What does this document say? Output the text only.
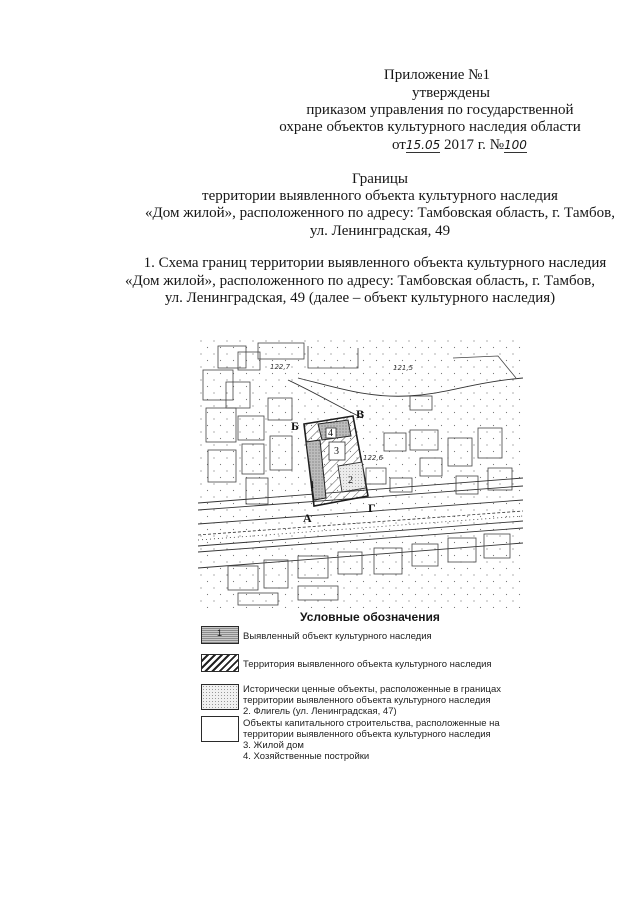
Приложение №1
утверждены
приказом управления по государственной
охране объектов культурного наследия области
от15.05 2017 г. №100
Границы
территории выявленного объекта культурного наследия
«Дом жилой», расположенного по адресу: Тамбовская область, г. Тамбов,
ул. Ленинградская, 49
1. Схема границ территории выявленного объекта культурного наследия
«Дом жилой», расположенного по адресу: Тамбовская область, г. Тамбов,
ул. Ленинградская, 49 (далее – объект культурного наследия)
122,7	121,5
122,6
1	2
3
4
Б
В
А
Г
Условные обозначения
1 Выявленный объект культурного наследия
Территория выявленного объекта культурного наследия
Исторически ценные объекты, расположенные в границах
территории выявленного объекта культурного наследия
2. Флигель (ул. Ленинградская, 47)
Объекты капитального строительства, расположенные на
территории выявленного объекта культурного наследия
3. Жилой дом
4. Хозяйственные постройки
